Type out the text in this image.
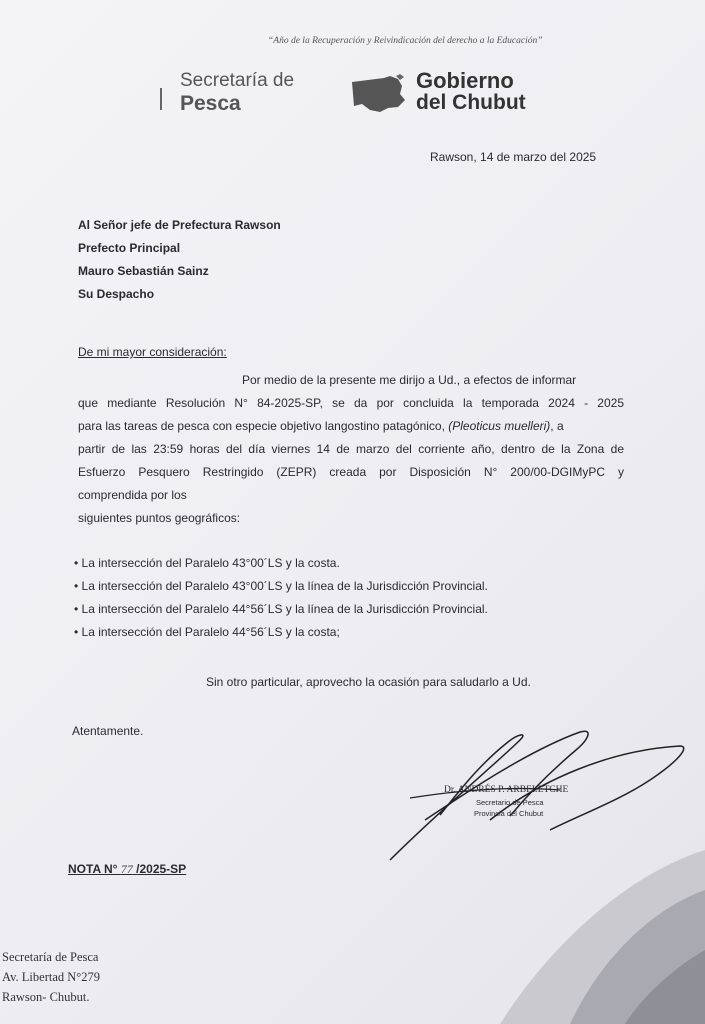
“Año de la Recuperación y Reivindicación del derecho a la Educación”
Secretaría de
Pesca
Gobierno
del Chubut
Rawson, 14 de marzo del 2025
Al Señor jefe de Prefectura Rawson
Prefecto Principal
Mauro Sebastián Sainz
Su Despacho
De mi mayor consideración:
Por medio de la presente me dirijo a Ud., a efectos de informar
que mediante Resolución N° 84-2025-SP, se da por concluida la temporada 2024 - 2025
para las tareas de pesca con especie objetivo langostino patagónico, (Pleoticus muelleri), a
partir de las 23:59 horas del día viernes 14 de marzo del corriente año, dentro de la Zona de
Esfuerzo Pesquero Restringido (ZEPR) creada por Disposición N° 200/00-DGIMyPC y
comprendida por los
siguientes puntos geográficos:
• La intersección del Paralelo 43°00´LS y la costa.
• La intersección del Paralelo 43°00´LS y la línea de la Jurisdicción Provincial.
• La intersección del Paralelo 44°56´LS y la línea de la Jurisdicción Provincial.
• La intersección del Paralelo 44°56´LS y la costa;
Sin otro particular, aprovecho la ocasión para saludarlo a Ud.
Atentamente.
Dr. ANDRÉS P. ARBELETCHE
Secretario de Pesca
Provincia del Chubut
NOTA N° 77 /2025-SP
Secretaría de Pesca
Av. Libertad N°279
Rawson- Chubut.
